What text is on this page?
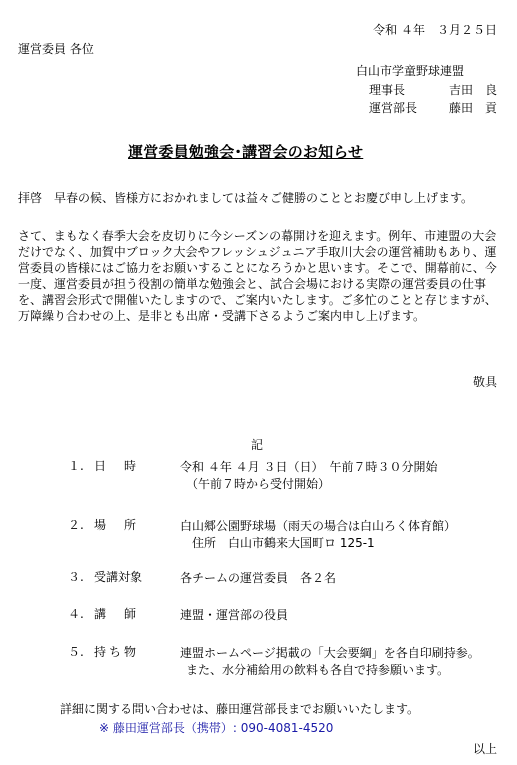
令和 ４年　３月２５日
運営委員 各位
白山市学童野球連盟
理事長	吉田　良
運営部長	藤田　貢
運営委員勉強会･講習会のお知らせ

拝啓　早春の候、皆様方におかれましては益々ご健勝のこととお慶び申し上げます。

さて、まもなく春季大会を皮切りに今シーズンの幕開けを迎えます。例年、市連盟の大会だけでなく、加賀中ブロック大会やフレッシュジュニア手取川大会の運営補助もあり、運営委員の皆様にはご協力をお願いすることになろうかと思います。そこで、開幕前に、今一度、運営委員が担う役割の簡単な勉強会と、試合会場における実際の運営委員の仕事を、講習会形式で開催いたしますので、ご案内いたします。ご多忙のことと存じますが、万障繰り合わせの上、是非とも出席・受講下さるようご案内申し上げます。

敬具
記
１. 日　時	令和 ４年 ４月 ３日（日）　午前７時３０分開始
（午前７時から受付開始）
２. 場　所	白山郷公園野球場（雨天の場合は白山ろく体育館）
住所　白山市鶴来大国町ロ 125-1
３. 受講対象	各チームの運営委員　各２名
４. 講　師	連盟・運営部の役員
５. 持ち物	連盟ホームページ掲載の「大会要綱」を各自印刷持参。
また、水分補給用の飲料も各自で持参願います。
詳細に関する問い合わせは、藤田運営部長までお願いいたします。
※ 藤田運営部長（携帯）: 090-4081-4520
以上
